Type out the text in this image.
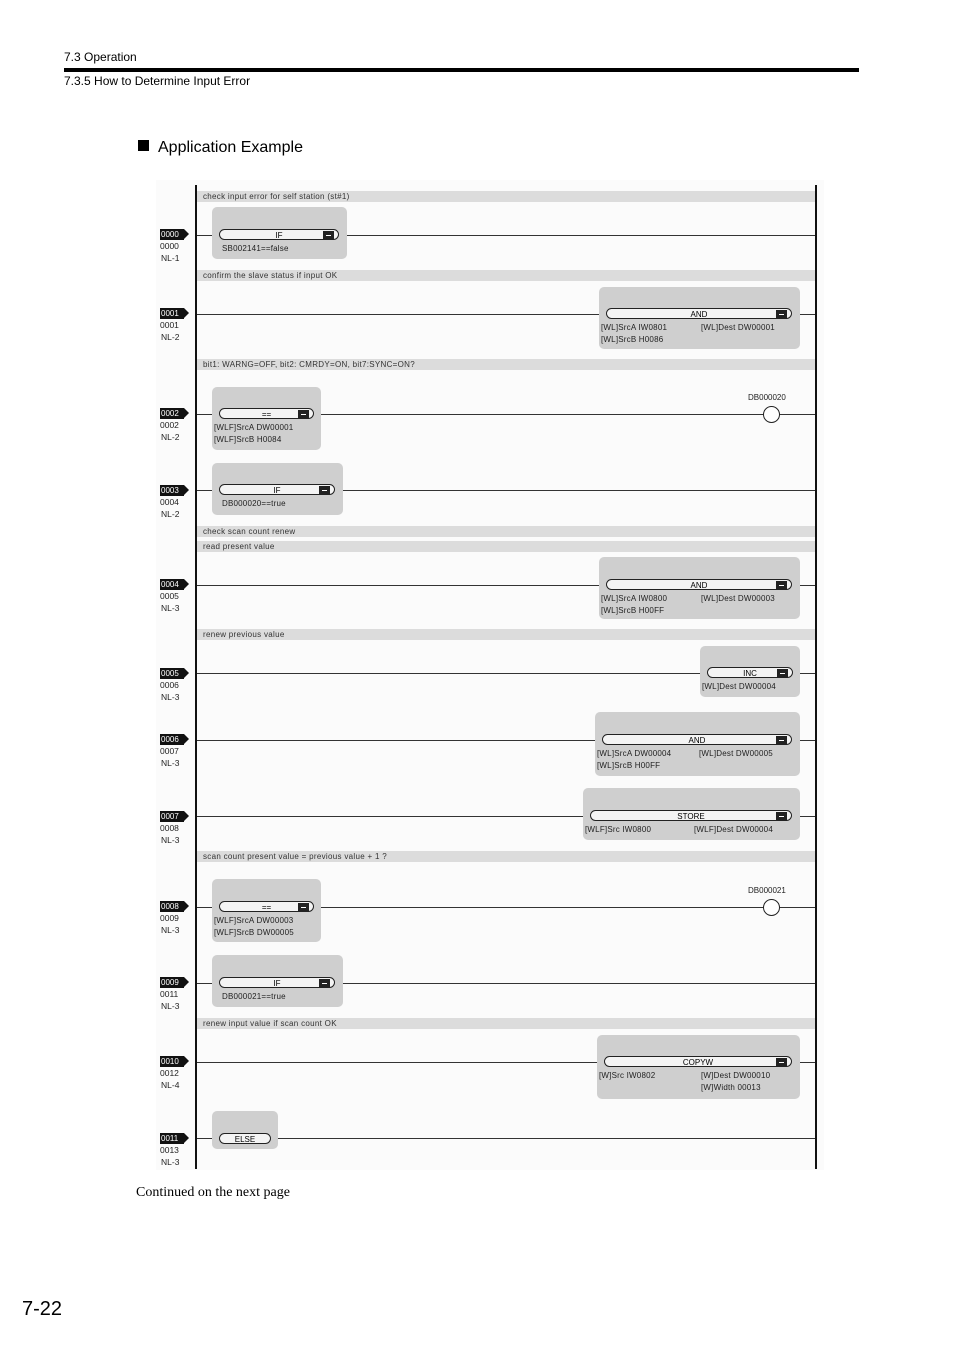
7.3 Operation
7.3.5 How to Determine Input Error
Application Example
check input error for self station (st#1)
confirm the slave status if input OK
bit1: WARNG=OFF, bit2: CMRDY=ON, bit7:SYNC=ON?
check scan count renew
read present value
renew previous value
scan count present value = previous value + 1 ?
renew input value if scan count OK
0000
0000
NL-1
0001
0001
NL-2
0002
0002
NL-2
0003
0004
NL-2
0004
0005
NL-3
0005
0006
NL-3
0006
0007
NL-3
0007
0008
NL-3
0008
0009
NL-3
0009
0011
NL-3
0010
0012
NL-4
0011
0013
NL-3
IF
SB002141==false
AND
[WL]SrcA IW0801	[WL]Dest DW00001
[WL]SrcB H0086
==
[WLF]SrcA DW00001
[WLF]SrcB H0084
DB000020
IF
DB000020==true
AND
[WL]SrcA IW0800	[WL]Dest DW00003
[WL]SrcB H00FF
INC
[WL]Dest DW00004
AND
[WL]SrcA DW00004	[WL]Dest DW00005
[WL]SrcB H00FF
STORE
[WLF]Src IW0800	[WLF]Dest DW00004
==
[WLF]SrcA DW00003
[WLF]SrcB DW00005
DB000021
IF
DB000021==true
COPYW
[W]Src IW0802	[W]Dest DW00010
[W]Width 00013
ELSE
Continued on the next page
7-22
